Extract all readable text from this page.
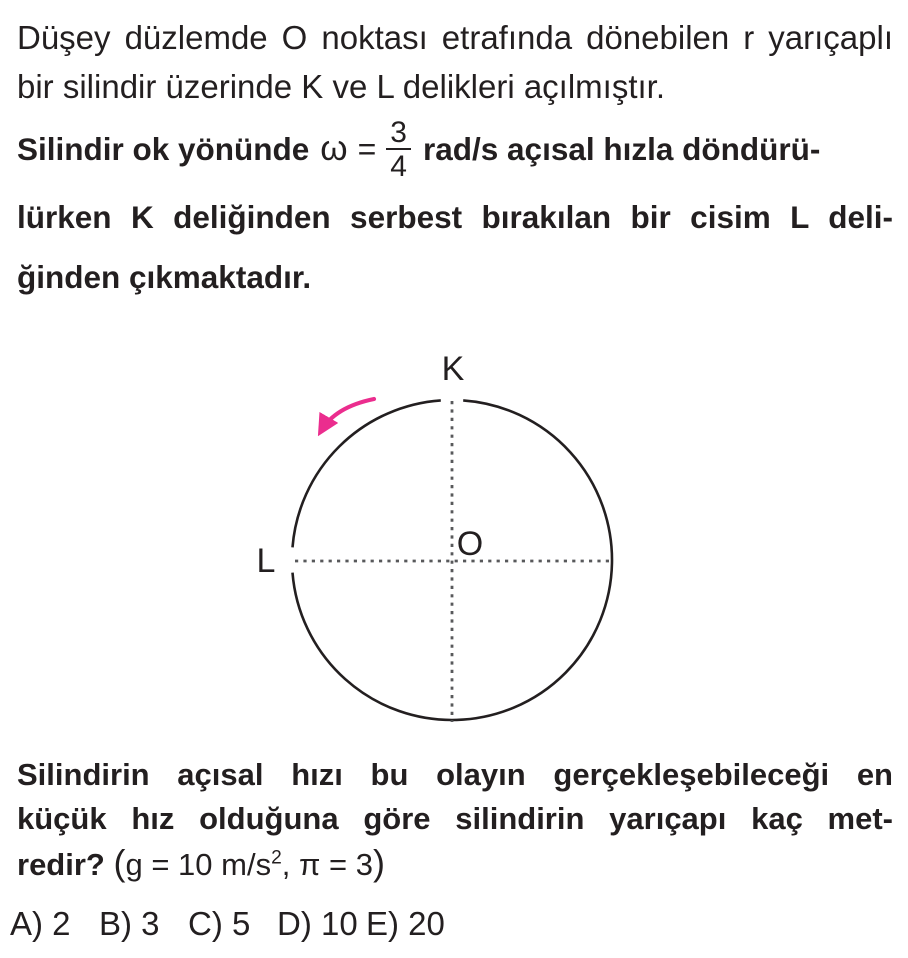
Düşey düzlemde O noktası etrafında dönebilen r yarıçaplı
bir silindir üzerinde K ve L delikleri açılmıştır.
Silindir ok yönünde $\omega = \frac{3}{4} rad/s$ açısal hızla döndürü-
lürken K deliğinden serbest bırakılan bir cisim L deli-
ğinden çıkmaktadır.
K
L	O
Silindirin açısal hızı bu olayın gerçekleşebileceği en
küçük hız olduğuna göre silindirin yarıçapı kaç met-
redir? (g = 10 $m/s^2$, π = 3)
A) 2 B) 3 C) 5 D) 10 E) 20
